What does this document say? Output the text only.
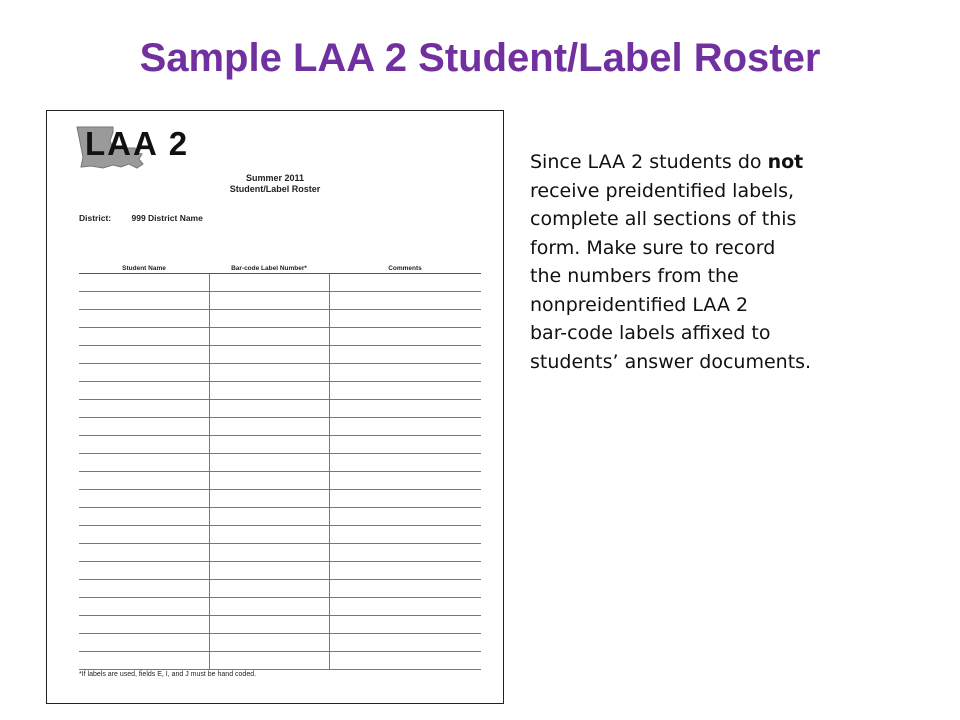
Sample LAA 2 Student/Label Roster
LAA 2
Summer 2011
Student/Label Roster
District: 999 District Name
Student Name	Bar-code Label Number*	Comments

*If labels are used, fields E, I, and J must be hand coded.
Since LAA 2 students do not
receive preidentified labels,
complete all sections of this
form. Make sure to record
the numbers from the
nonpreidentified LAA 2
bar-code labels affixed to
students’ answer documents.
